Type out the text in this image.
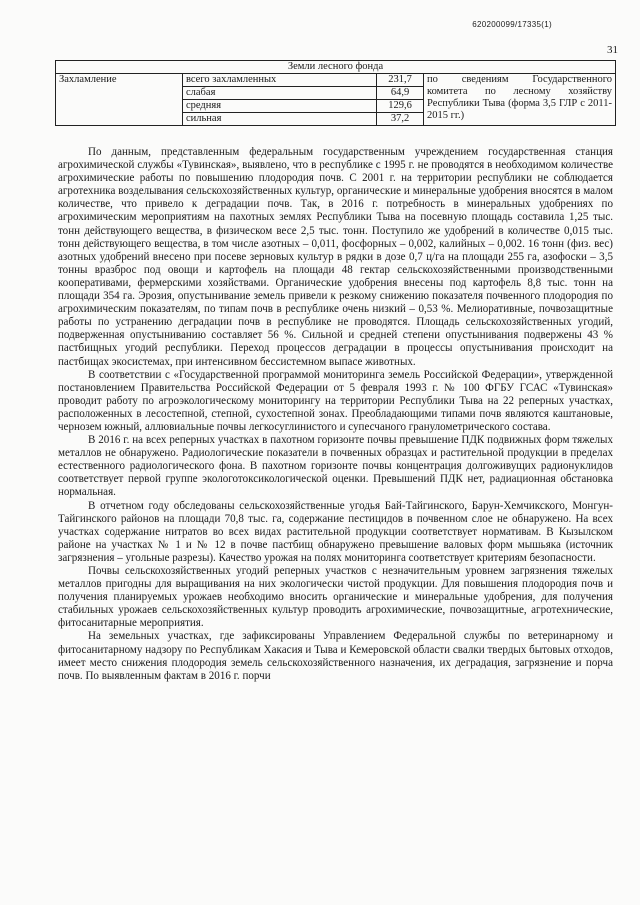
620200099/17335(1)
31
Земли лесного фонда			
Захламление	всего захламленных	231,7	по сведениям Государственного комитета по лесному хозяйству Республики Тыва (форма 3,5 ГЛР с 2011-2015 гг.)
	слабая	64,9	
	средняя	129,6	
	сильная	37,2	

По данным, представленным федеральным государственным учреждением государственная станция агрохимической службы «Тувинская», выявлено, что в республике с 1995 г. не проводятся в необходимом количестве агрохимические работы по повышению плодородия почв. С 2001 г. на территории республики не соблюдается агротехника возделывания сельскохозяйственных культур, органические и минеральные удобрения вносятся в малом количестве, что привело к деградации почв. Так, в 2016 г. потребность в минеральных удобрениях по агрохимическим мероприятиям на пахотных землях Республики Тыва на посевную площадь составила 1,25 тыс. тонн действующего вещества, в физическом весе 2,5 тыс. тонн. Поступило же удобрений в количестве 0,015 тыс. тонн действующего вещества, в том числе азотных – 0,011, фосфорных – 0,002, калийных – 0,002. 16 тонн (физ. вес) азотных удобрений внесено при посеве зерновых культур в рядки в дозе 0,7 ц/га на площади 255 га, азофоски – 3,5 тонны вразброс под овощи и картофель на площади 48 гектар сельскохозяйственными производственными кооперативами, фермерскими хозяйствами. Органические удобрения внесены под картофель 8,8 тыс. тонн на площади 354 га. Эрозия, опустынивание земель привели к резкому снижению показателя почвенного плодородия по агрохимическим показателям, по типам почв в республике очень низкий – 0,53 %. Мелиоративные, почвозащитные работы по устранению деградации почв в республике не проводятся. Площадь сельскохозяйственных угодий, подверженная опустыниванию составляет 56 %. Сильной и средней степени опустынивания подвержены 43 % пастбищных угодий республики. Переход процессов деградации в процессы опустынивания происходит на пастбищах экосистемах, при интенсивном бессистемном выпасе животных.

В соответствии с «Государственной программой мониторинга земель Российской Федерации», утвержденной постановлением Правительства Российской Федерации от 5 февраля 1993 г. № 100 ФГБУ ГСАС «Тувинская» проводит работу по агроэкологическому мониторингу на территории Республики Тыва на 22 реперных участках, расположенных в лесостепной, степной, сухостепной зонах. Преобладающими типами почв являются каштановые, чернозем южный, аллювиальные почвы легкосуглинистого и супесчаного гранулометрического состава.

В 2016 г. на всех реперных участках в пахотном горизонте почвы превышение ПДК подвижных форм тяжелых металлов не обнаружено. Радиологические показатели в почвенных образцах и растительной продукции в пределах естественного радиологического фона. В пахотном горизонте почвы концентрация долгоживущих радионуклидов соответствует первой группе экологотоксикологической оценки. Превышений ПДК нет, радиационная обстановка нормальная.

В отчетном году обследованы сельскохозяйственные угодья Бай-Тайгинского, Барун-Хемчикского, Монгун-Тайгинского районов на площади 70,8 тыс. га, содержание пестицидов в почвенном слое не обнаружено. На всех участках содержание нитратов во всех видах растительной продукции соответствует нормативам. В Кызылском районе на участках № 1 и № 12 в почве пастбищ обнаружено превышение валовых форм мышьяка (источник загрязнения – угольные разрезы). Качество урожая на полях мониторинга соответствует критериям безопасности.

Почвы сельскохозяйственных угодий реперных участков с незначительным уровнем загрязнения тяжелых металлов пригодны для выращивания на них экологически чистой продукции. Для повышения плодородия почв и получения планируемых урожаев необходимо вносить органические и минеральные удобрения, для получения стабильных урожаев сельскохозяйственных культур проводить агрохимические, почвозащитные, агротехнические, фитосанитарные мероприятия.

На земельных участках, где зафиксированы Управлением Федеральной службы по ветеринарному и фитосанитарному надзору по Республикам Хакасия и Тыва и Кемеровской области свалки твердых бытовых отходов, имеет место снижения плодородия земель сельскохозяйственного назначения, их деградация, загрязнение и порча почв. По выявленным фактам в 2016 г. порчи
